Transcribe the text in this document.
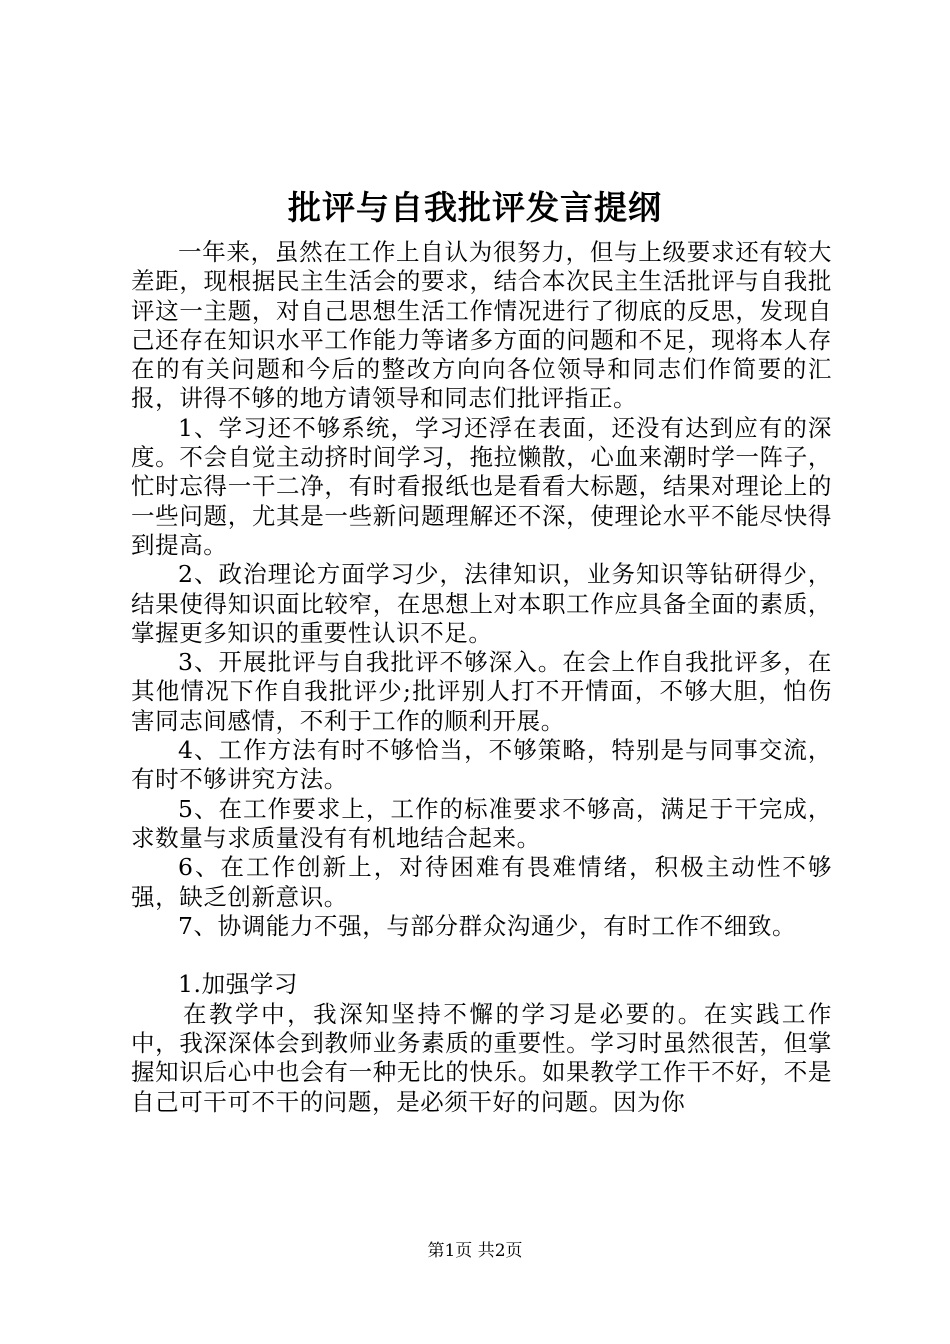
批评与自我批评发言提纲

一年来，虽然在工作上自认为很努力，但与上级要求还有较大差距，现根据民主生活会的要求，结合本次民主生活批评与自我批评这一主题，对自己思想生活工作情况进行了彻底的反思，发现自己还存在知识水平工作能力等诸多方面的问题和不足，现将本人存在的有关问题和今后的整改方向向各位领导和同志们作简要的汇报，讲得不够的地方请领导和同志们批评指正。

1、学习还不够系统，学习还浮在表面，还没有达到应有的深度。不会自觉主动挤时间学习，拖拉懒散，心血来潮时学一阵子，忙时忘得一干二净，有时看报纸也是看看大标题，结果对理论上的一些问题，尤其是一些新问题理解还不深，使理论水平不能尽快得到提高。

2、政治理论方面学习少，法律知识，业务知识等钻研得少，结果使得知识面比较窄，在思想上对本职工作应具备全面的素质，掌握更多知识的重要性认识不足。

3、开展批评与自我批评不够深入。在会上作自我批评多，在其他情况下作自我批评少;批评别人打不开情面，不够大胆，怕伤害同志间感情，不利于工作的顺利开展。

4、工作方法有时不够恰当，不够策略，特别是与同事交流，有时不够讲究方法。

5、在工作要求上，工作的标准要求不够高，满足于干完成，求数量与求质量没有有机地结合起来。

6、在工作创新上，对待困难有畏难情绪，积极主动性不够强，缺乏创新意识。

7、协调能力不强，与部分群众沟通少，有时工作不细致。

1.加强学习

在教学中，我深知坚持不懈的学习是必要的。在实践工作中，我深深体会到教师业务素质的重要性。学习时虽然很苦，但掌握知识后心中也会有一种无比的快乐。如果教学工作干不好，不是自己可干可不干的问题，是必须干好的问题。因为你

第1页 共2页
